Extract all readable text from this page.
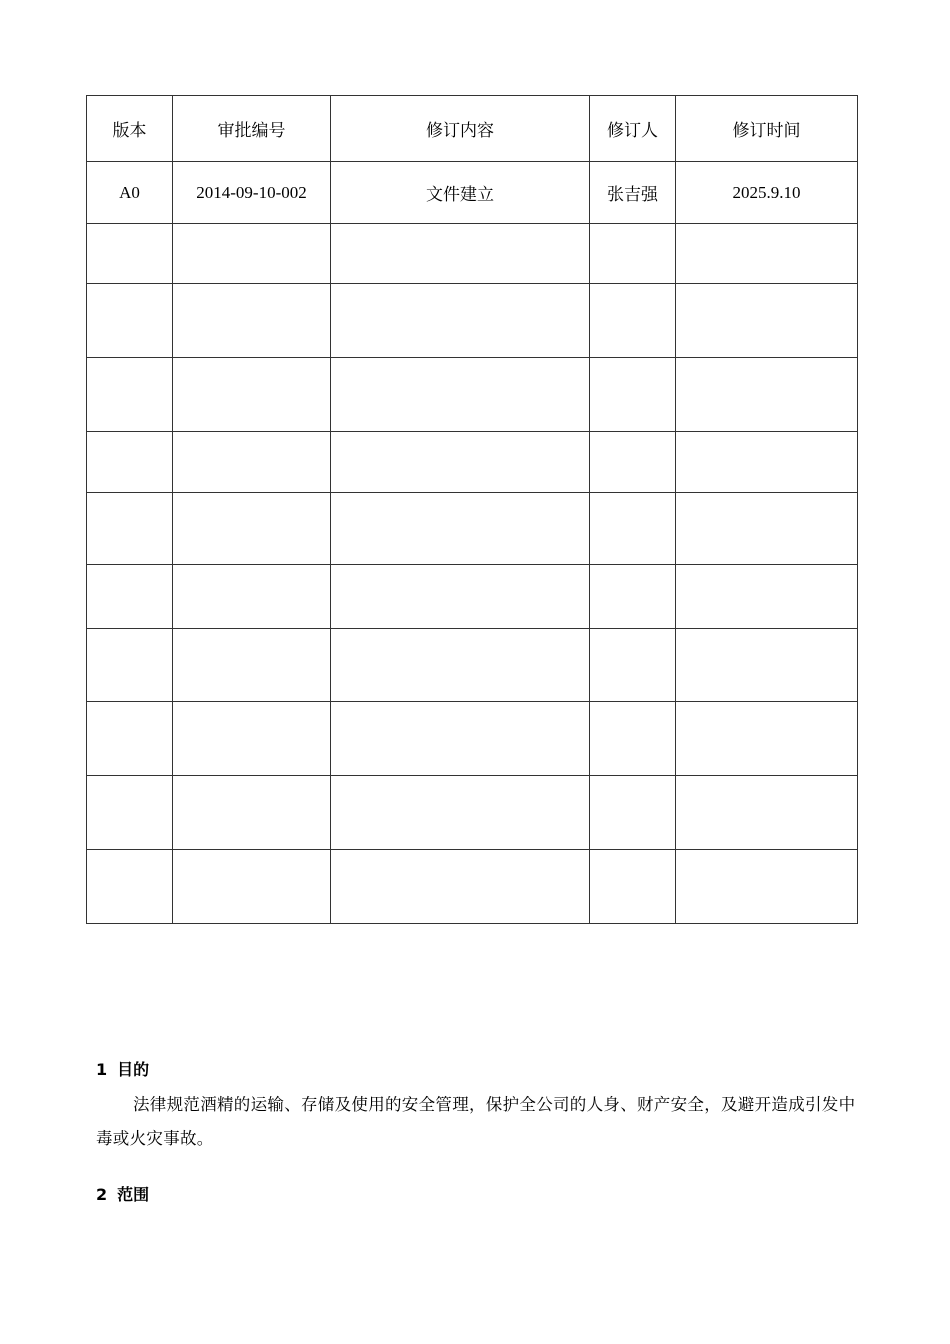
版本	审批编号	修订内容	修订人	修订时间
A0	2014-09-10-002	文件建立	张吉强	2025.9.10

1 目的
法律规范酒精的运输、存储及使用的安全管理，保护全公司的人身、财产安全，及避开造成引发中毒或火灾事故。
2 范围
